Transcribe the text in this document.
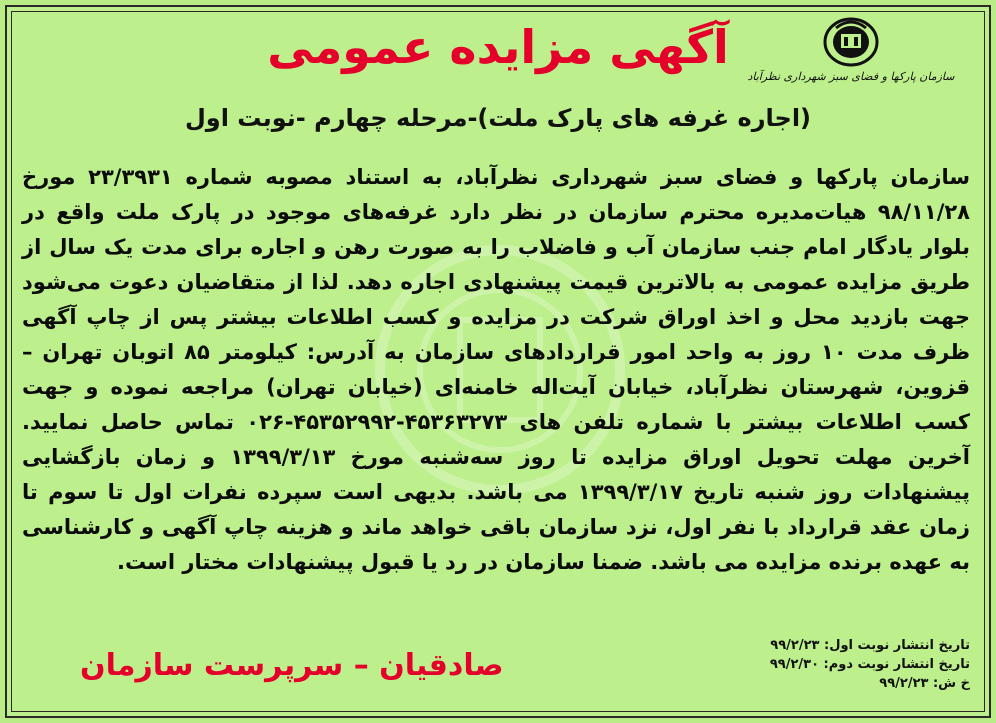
سازمان پارکها و فضای سبز شهرداری نظرآباد
آگهی مزایده عمومی
(اجاره غرفه های پارک ملت)-مرحله چهارم -نوبت اول

سازمان پارکها و فضای سبز شهرداری نظرآباد، به استناد مصوبه شماره ۲۳/۳۹۳۱ مورخ ۹۸/۱۱/۲۸ هیات‌مدیره محترم سازمان در نظر دارد غرفه‌های موجود در پارک ملت واقع در بلوار یادگار امام جنب سازمان آب و فاضلاب را به صورت رهن و اجاره برای مدت یک سال از طریق مزایده عمومی به بالاترین قیمت پیشنهادی اجاره دهد. لذا از متقاضیان دعوت می‌شود جهت بازدید محل و اخذ اوراق شرکت در مزایده و کسب اطلاعات بیشتر پس از چاپ آگهی ظرف مدت ۱۰ روز به واحد امور قراردادهای سازمان به آدرس: کیلومتر ۸۵ اتوبان تهران – قزوین، شهرستان نظرآباد، خیابان آیت‌اله خامنه‌ای (خیابان تهران) مراجعه نموده و جهت کسب اطلاعات بیشتر با شماره تلفن های ۴۵۳۶۳۲۷۳-۴۵۳۵۲۹۹۲-۰۲۶ تماس حاصل نمایید. آخرین مهلت تحویل اوراق مزایده تا روز سه‌شنبه مورخ ۱۳۹۹/۳/۱۳ و زمان بازگشایی پیشنهادات روز شنبه تاریخ ۱۳۹۹/۳/۱۷ می باشد. بدیهی است سپرده نفرات اول تا سوم تا زمان عقد قرارداد با نفر اول، نزد سازمان باقی خواهد ماند و هزینه چاپ آگهی و کارشناسی به عهده برنده مزایده می باشد. ضمنا سازمان در رد یا قبول پیشنهادات مختار است.

تاریخ انتشار نوبت اول: ۹۹/۲/۲۳
تاریخ انتشار نوبت دوم: ۹۹/۲/۳۰
خ ش: ۹۹/۲/۲۳
صادقیان – سرپرست سازمان
